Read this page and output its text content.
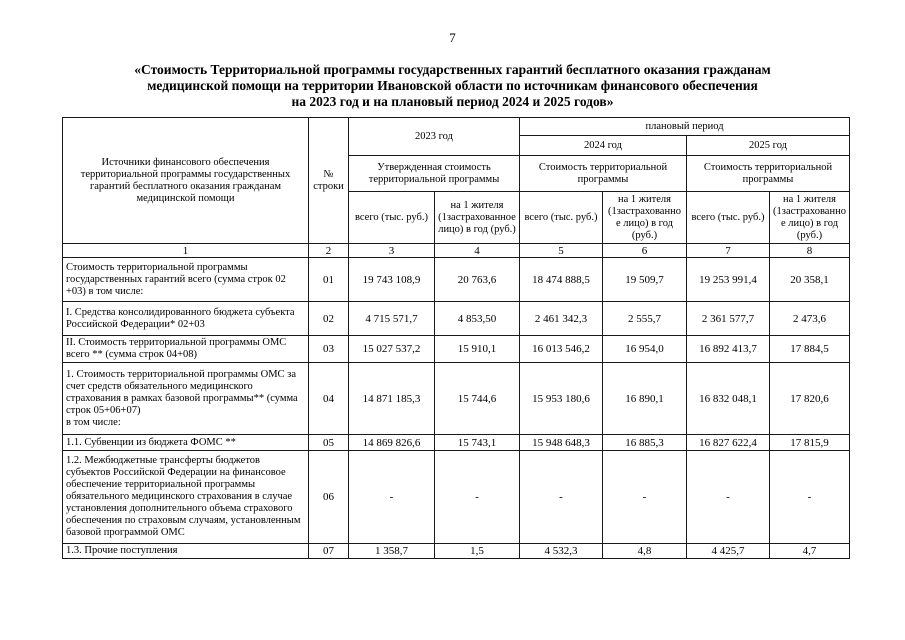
7
«Стоимость Территориальной программы государственных гарантий бесплатного оказания гражданам
медицинской помощи на территории Ивановской области по источникам финансового обеспечения
на 2023 год и на плановый период 2024 и 2025 годов»
Источники финансового обеспечения территориальной программы государственных гарантий бесплатного оказания гражданам медицинской помощи	№ строки	2023 год		плановый период			
				2024 год		2025 год	
		Утвержденная стоимость территориальной программы		Стоимость территориальной программы		Стоимость территориальной программы	
		всего (тыс. руб.)	на 1 жителя (1застрахованное лицо) в год (руб.)	всего (тыс. руб.)	на 1 жителя (1застрахованное лицо) в год (руб.)	всего (тыс. руб.)	на 1 жителя (1застрахованное лицо) в год (руб.)
1	2	3	4	5	6	7	8
Стоимость территориальной программы государственных гарантий всего (сумма строк 02 +03) в том числе:	01	19 743 108,9	20 763,6	18 474 888,5	19 509,7	19 253 991,4	20 358,1
I. Средства консолидированного бюджета субъекта Российской Федерации* 02+03	02	4 715 571,7	4 853,50	2 461 342,3	2 555,7	2 361 577,7	2 473,6
II. Стоимость территориальной программы ОМС всего ** (сумма строк 04+08)	03	15 027 537,2	15 910,1	16 013 546,2	16 954,0	16 892 413,7	17 884,5
1. Стоимость территориальной программы ОМС за счет средств обязательного медицинского страхования в рамках базовой программы** (сумма строк 05+06+07)
в том числе:	04	14 871 185,3	15 744,6	15 953 180,6	16 890,1	16 832 048,1	17 820,6
1.1. Субвенции из бюджета ФОМС **	05	14 869 826,6	15 743,1	15 948 648,3	16 885,3	16 827 622,4	17 815,9
1.2. Межбюджетные трансферты бюджетов субъектов Российской Федерации на финансовое обеспечение территориальной программы обязательного медицинского страхования в случае установления дополнительного объема страхового обеспечения по страховым случаям, установленным базовой программой ОМС	06	-	-	-	-	-	-
1.3. Прочие поступления	07	1 358,7	1,5	4 532,3	4,8	4 425,7	4,7
